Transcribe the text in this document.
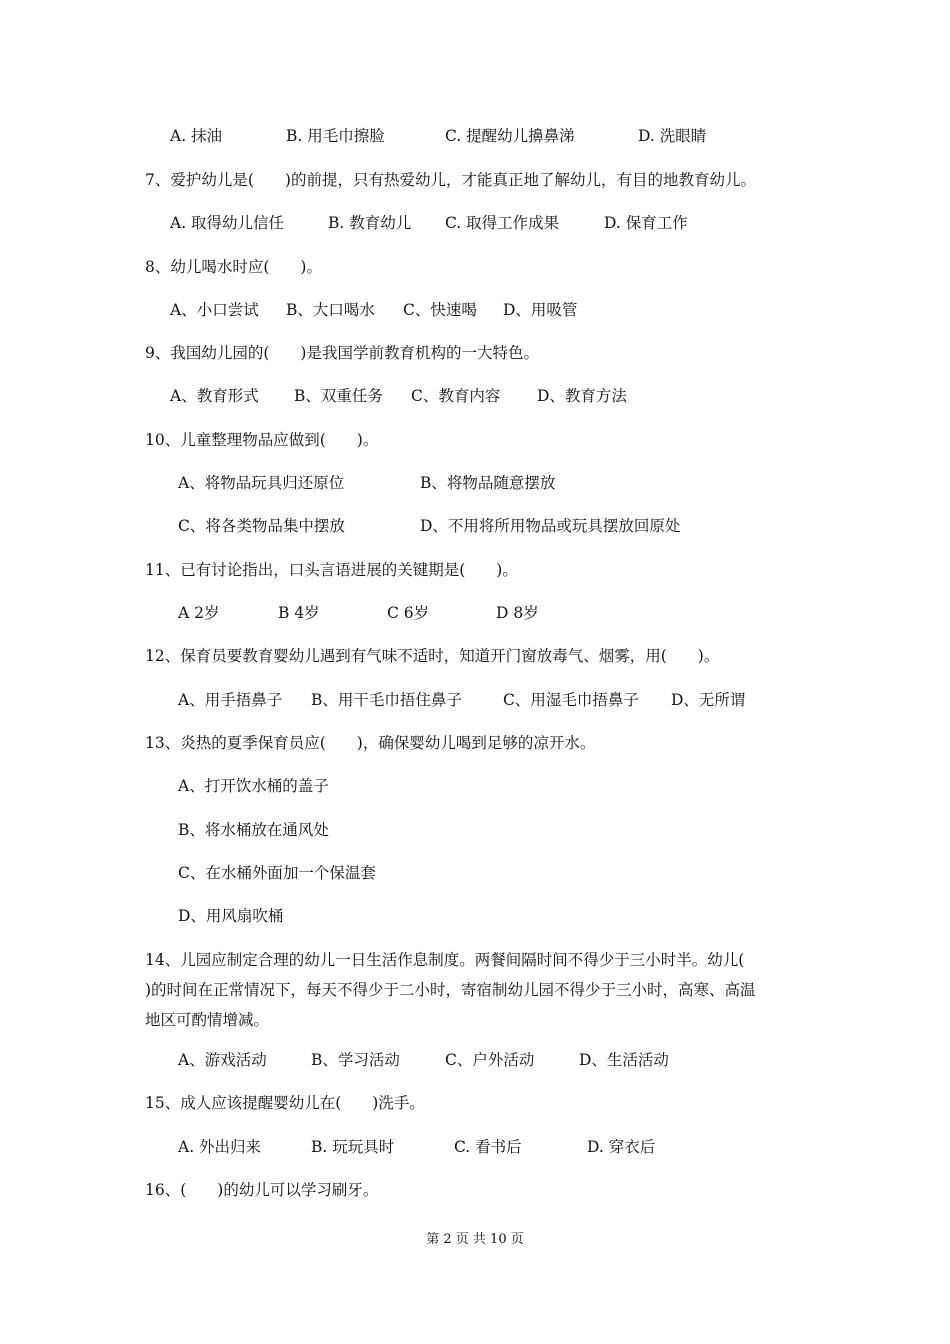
A. 抹油	B. 用毛巾擦脸	C. 提醒幼儿擤鼻涕	D. 洗眼睛
7、爱护幼儿是(　　)的前提，只有热爱幼儿，才能真正地了解幼儿，有目的地教育幼儿。
A. 取得幼儿信任	B. 教育幼儿 C. 取得工作成果	D. 保育工作
8、幼儿喝水时应(　　)。
A、小口尝试 B、大口喝水 C、快速喝 D、用吸管
9、我国幼儿园的(　　)是我国学前教育机构的一大特色。
A、教育形式 B、双重任务 C、教育内容 D、教育方法
10、儿童整理物品应做到(　　)。
A、将物品玩具归还原位	B、将物品随意摆放
C、将各类物品集中摆放	D、不用将所用物品或玩具摆放回原处
11、已有讨论指出，口头言语进展的关键期是(　　)。
A 2岁	B 4岁	C 6岁	D 8岁
12、保育员要教育婴幼儿遇到有气味不适时，知道开门窗放毒气、烟雾，用(　　)。
A、用手捂鼻子 B、用干毛巾捂住鼻子	C、用湿毛巾捂鼻子 D、无所谓
13、炎热的夏季保育员应(　　)，确保婴幼儿喝到足够的凉开水。
A、打开饮水桶的盖子
B、将水桶放在通风处
C、在水桶外面加一个保温套
D、用风扇吹桶
14、儿园应制定合理的幼儿一日生活作息制度。两餐间隔时间不得少于三小时半。幼儿(
)的时间在正常情况下，每天不得少于二小时，寄宿制幼儿园不得少于三小时，高寒、高温
地区可酌情增减。
A、游戏活动	B、学习活动	C、户外活动	D、生活活动
15、成人应该提醒婴幼儿在(　　)洗手。
A. 外出归来	B. 玩玩具时	C. 看书后	D. 穿衣后
16、(　　)的幼儿可以学习刷牙。
第 2 页 共 10 页
